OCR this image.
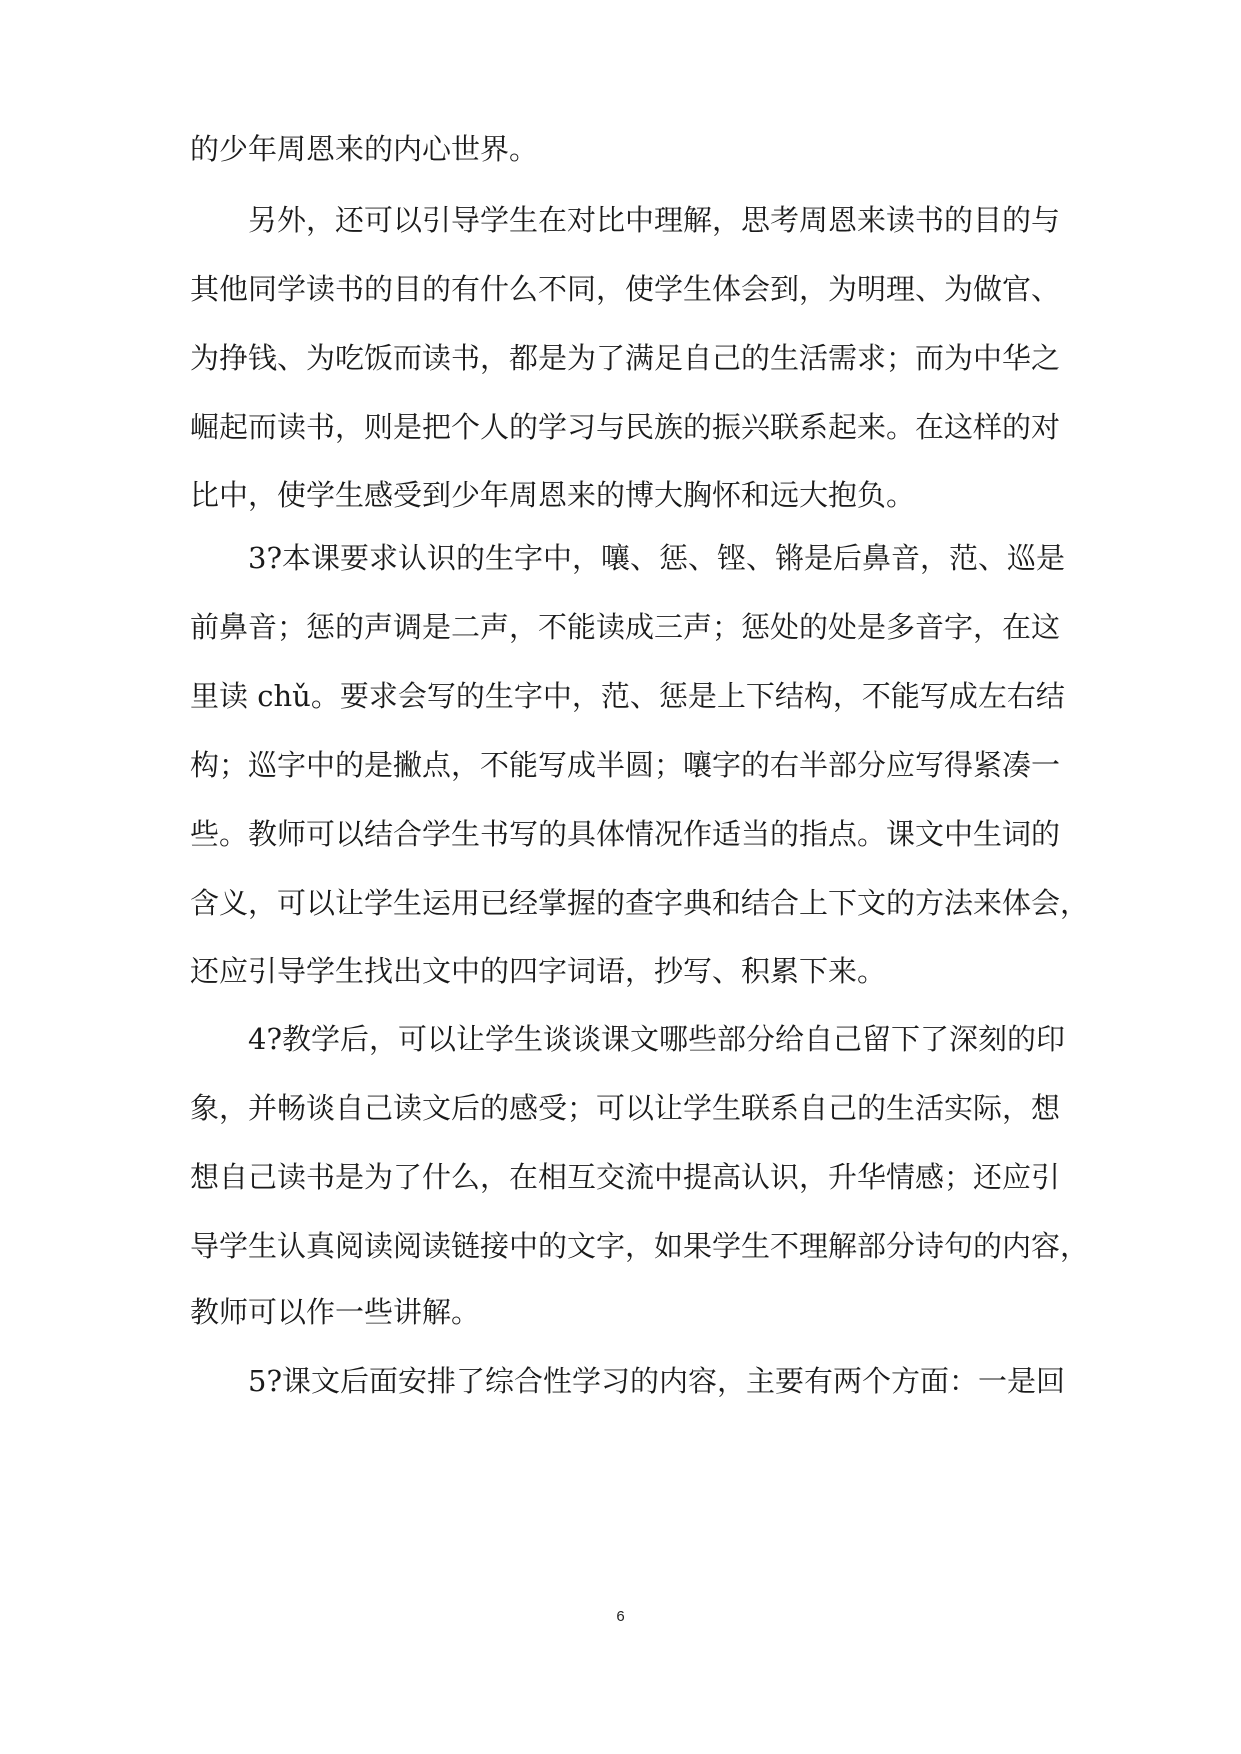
的少年周恩来的内心世界。
另外，还可以引导学生在对比中理解，思考周恩来读书的目的与
其他同学读书的目的有什么不同，使学生体会到，为明理、为做官、
为挣钱、为吃饭而读书，都是为了满足自己的生活需求；而为中华之
崛起而读书，则是把个人的学习与民族的振兴联系起来。在这样的对
比中，使学生感受到少年周恩来的博大胸怀和远大抱负。
3?本课要求认识的生字中，嚷、惩、铿、锵是后鼻音，范、巡是
前鼻音；惩的声调是二声，不能读成三声；惩处的处是多音字，在这
里读 chǔ。要求会写的生字中，范、惩是上下结构，不能写成左右结
构；巡字中的是撇点，不能写成半圆；嚷字的右半部分应写得紧凑一
些。教师可以结合学生书写的具体情况作适当的指点。课文中生词的
含义，可以让学生运用已经掌握的查字典和结合上下文的方法来体会，
还应引导学生找出文中的四字词语，抄写、积累下来。
4?教学后，可以让学生谈谈课文哪些部分给自己留下了深刻的印
象，并畅谈自己读文后的感受；可以让学生联系自己的生活实际，想
想自己读书是为了什么，在相互交流中提高认识，升华情感；还应引
导学生认真阅读阅读链接中的文字，如果学生不理解部分诗句的内容，
教师可以作一些讲解。
5?课文后面安排了综合性学习的内容，主要有两个方面：一是回
6
